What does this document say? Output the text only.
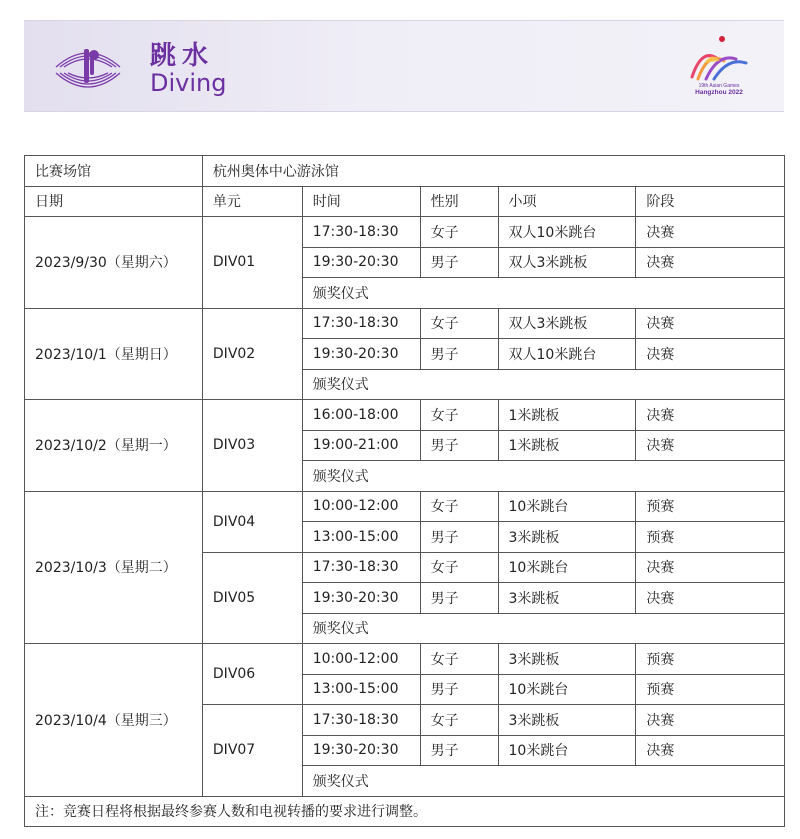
跳水
Diving	19th Asian Games
Hangzhou 2022
比赛场馆	杭州奥体中心游泳馆				
日期	单元	时间	性别	小项	阶段
2023/9/30（星期六）	DIV01	17:30-18:30	女子	双人10米跳台	决赛
		19:30-20:30	男子	双人3米跳板	决赛
		颁奖仪式			
2023/10/1（星期日）	DIV02	17:30-18:30	女子	双人3米跳板	决赛
		19:30-20:30	男子	双人10米跳台	决赛
		颁奖仪式			
2023/10/2（星期一）	DIV03	16:00-18:00	女子	1米跳板	决赛
		19:00-21:00	男子	1米跳板	决赛
		颁奖仪式			
2023/10/3（星期二）	DIV04	10:00-12:00	女子	10米跳台	预赛
		13:00-15:00	男子	3米跳板	预赛
	DIV05	17:30-18:30	女子	10米跳台	决赛
		19:30-20:30	男子	3米跳板	决赛
		颁奖仪式			
2023/10/4（星期三）	DIV06	10:00-12:00	女子	3米跳板	预赛
		13:00-15:00	男子	10米跳台	预赛
	DIV07	17:30-18:30	女子	3米跳板	决赛
		19:30-20:30	男子	10米跳台	决赛
		颁奖仪式			
注：竞赛日程将根据最终参赛人数和电视转播的要求进行调整。					
